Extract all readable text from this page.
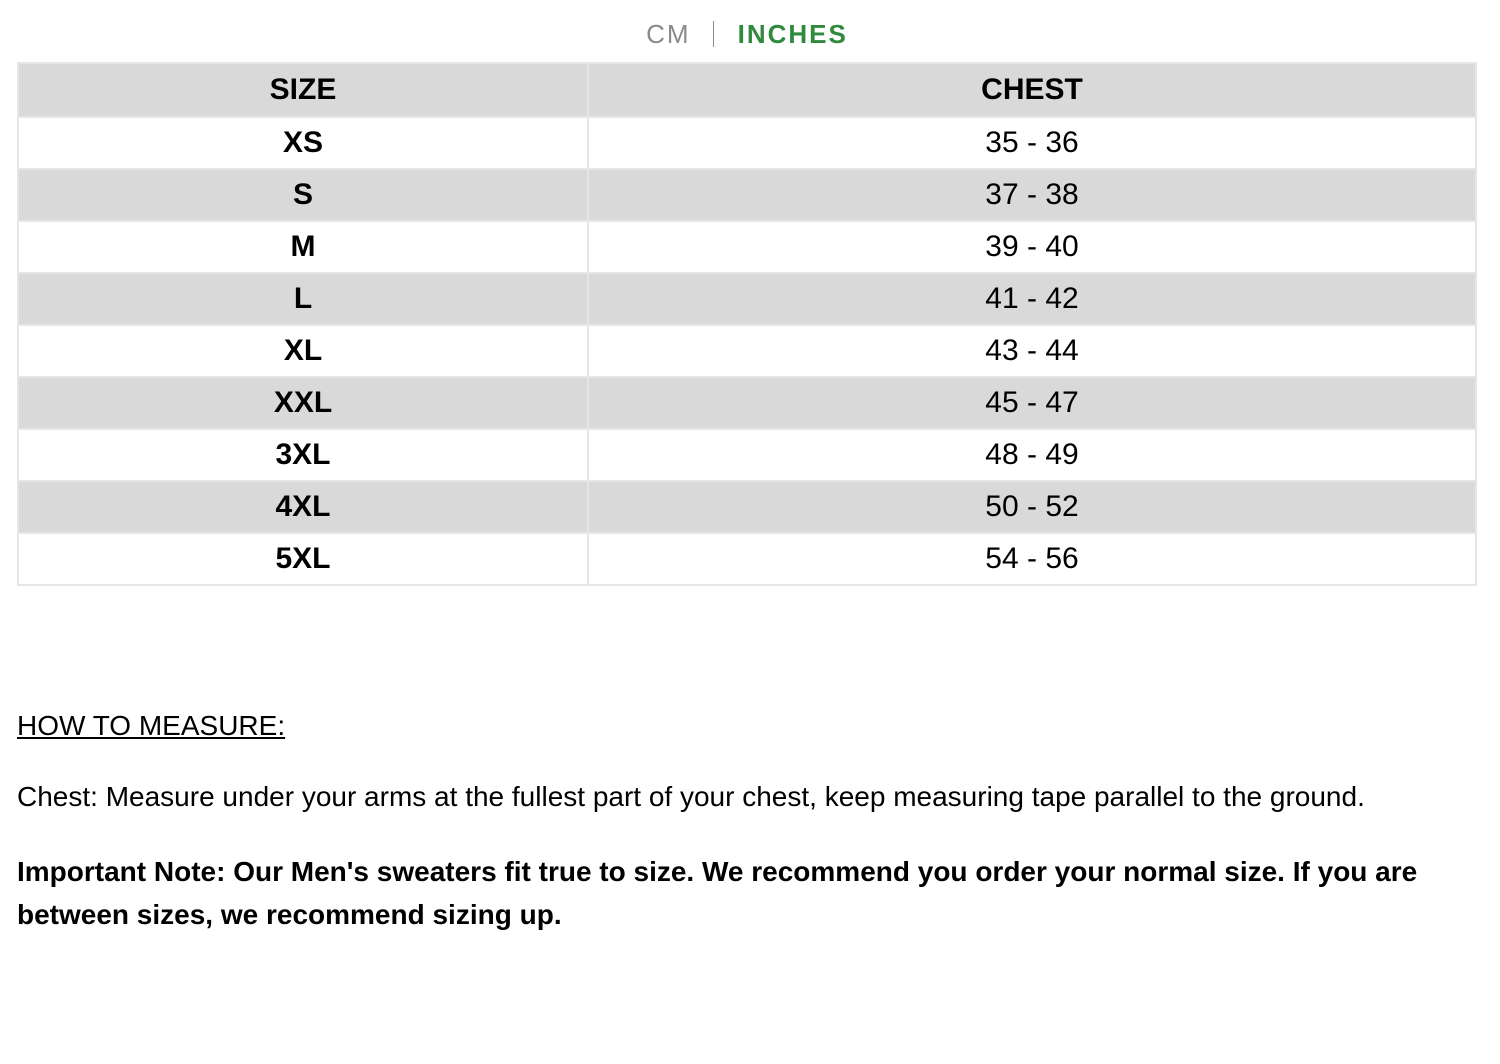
CM INCHES
SIZE	CHEST
XS	35 - 36
S	37 - 38
M	39 - 40
L	41 - 42
XL	43 - 44
XXL	45 - 47
3XL	48 - 49
4XL	50 - 52
5XL	54 - 56
HOW TO MEASURE:
Chest: Measure under your arms at the fullest part of your chest, keep measuring tape parallel to the ground.
Important Note: Our Men's sweaters fit true to size. We recommend you order your normal size. If you are between sizes, we recommend sizing up.
